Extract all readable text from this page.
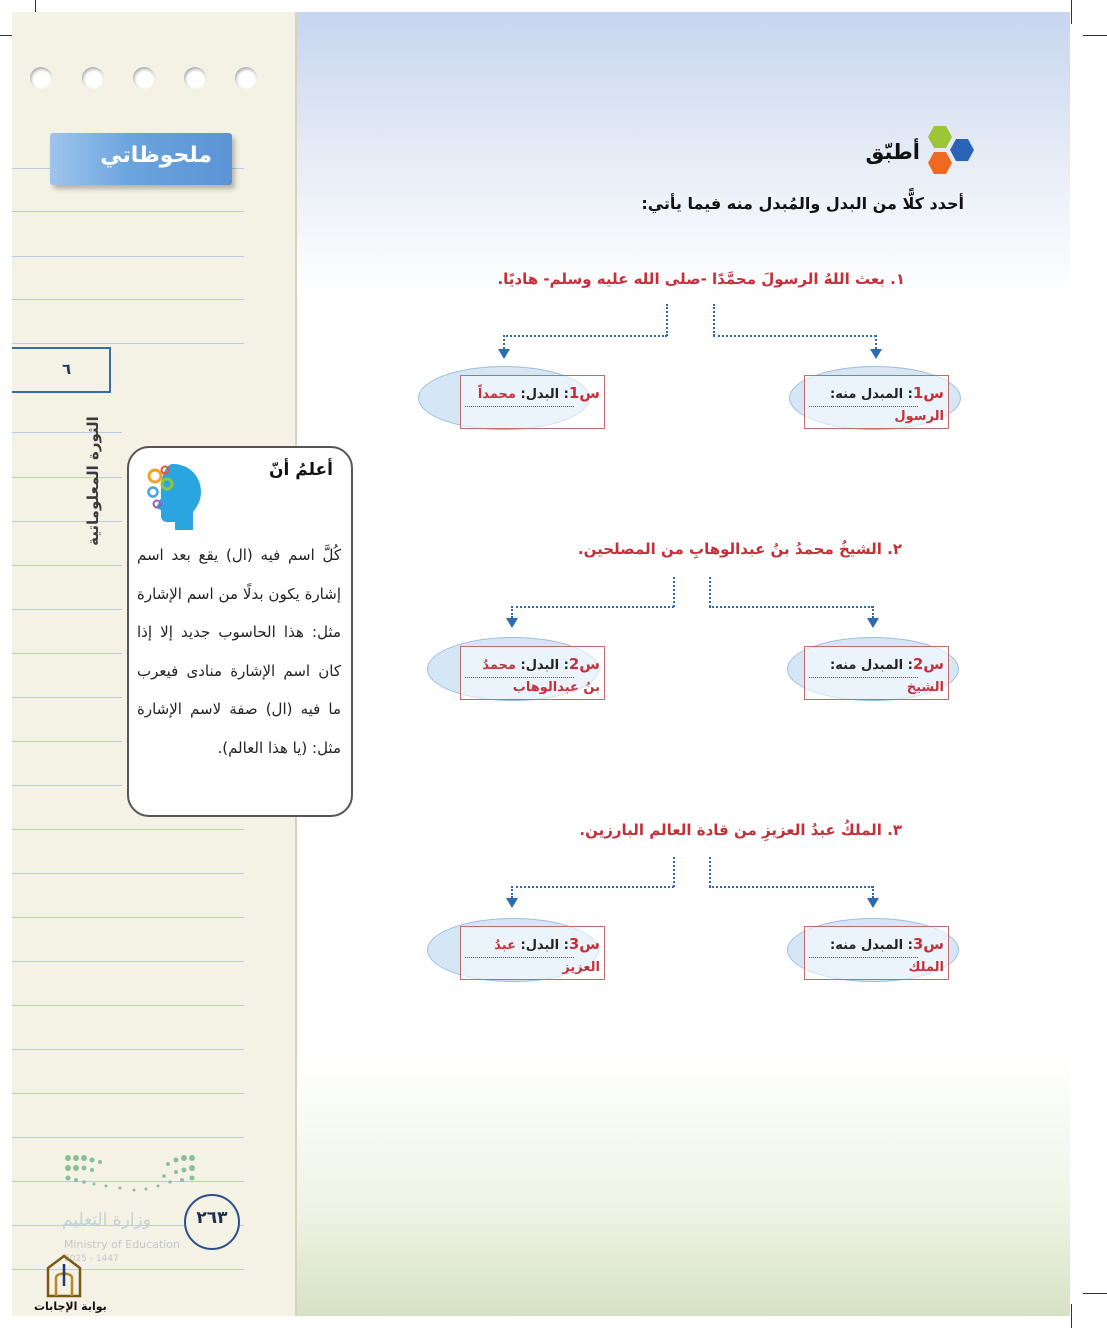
ملحوظاتي
٦
الثورة المعلوماتية
أطبّق
أحدد كلًّا من البدل والمُبدل منه فيما يأتي:
١. بعث اللهُ الرسولَ محمَّدًا -صلى الله عليه وسلم- هاديًا.
س1: البدل: محمداً	س1: المبدل منه:
الرسول
٢. الشيخُ محمدُ بنُ عبدالوهابِ من المصلحين.
س2: البدل: محمدُ بنُ عبدالوهاب
س2: المبدل منه:
الشيخ
٣. الملكُ عبدُ العزيزِ من قادة العالم البارزين.
س3: البدل: عبدُ العزيز
س3: المبدل منه:
الملك
أعلمُ أنّ
كُلَّ اسم فيه (ال) يقع بعد اسم إشارة يكون بدلًا من اسم الإشارة مثل: هذا الحاسوب جديد إلا إذا كان اسم الإشارة منادى فيعرب ما فيه (ال) صفة لاسم الإشارة مثل: (يا هذا العالم).
وزارة التعليم
Ministry of Education
2025 - 1447
٢٦٣
بوابة الإجابات
